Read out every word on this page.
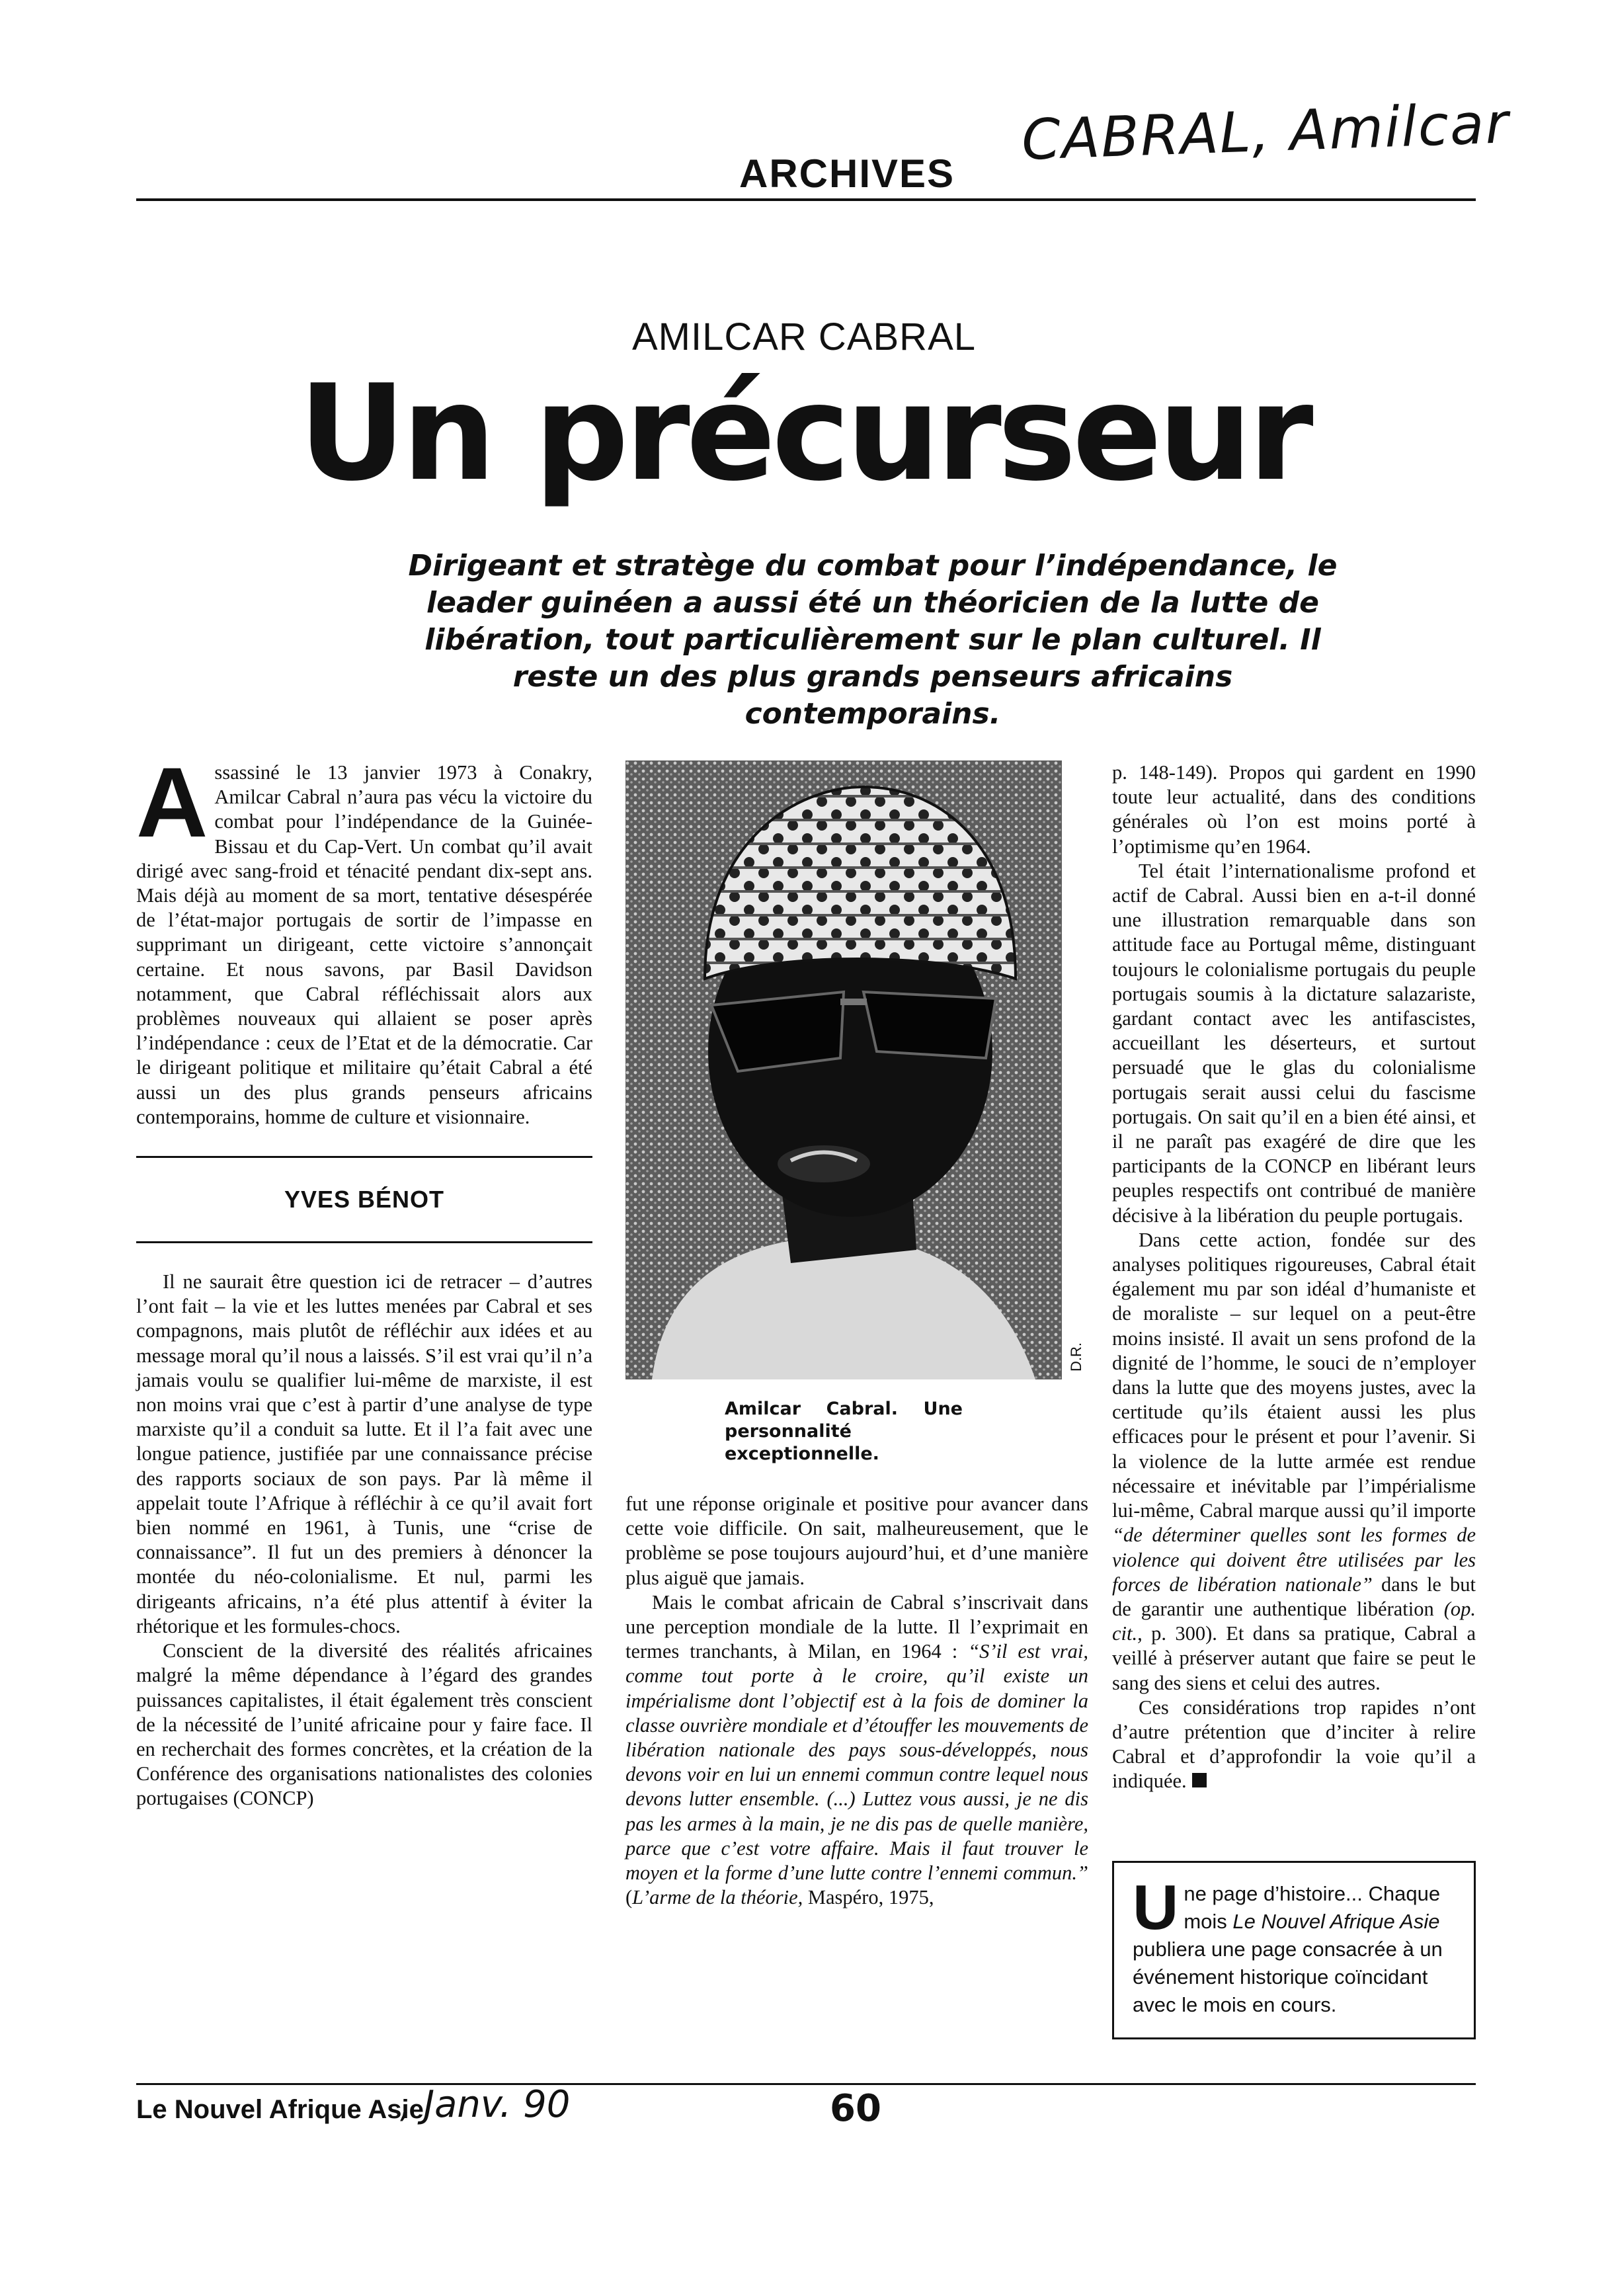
CABRAL, Amilcar
ARCHIVES
AMILCAR CABRAL
Un précurseur
Dirigeant et stratège du combat pour l’indépendance, le leader guinéen a aussi été un théoricien de la lutte de libération, tout particulièrement sur le plan culturel. Il reste un des plus grands penseurs africains contemporains.

Assassiné le 13 janvier 1973 à Conakry, Amilcar Cabral n’aura pas vécu la victoire du combat pour l’indépendance de la Guinée-Bissau et du Cap-Vert. Un combat qu’il avait dirigé avec sang-froid et ténacité pendant dix-sept ans. Mais déjà au moment de sa mort, tentative désespérée de l’état-major portugais de sortir de l’impasse en supprimant un dirigeant, cette victoire s’annonçait certaine. Et nous savons, par Basil Davidson notamment, que Cabral réfléchissait alors aux problèmes nouveaux qui allaient se poser après l’indépendance : ceux de l’Etat et de la démocratie. Car le dirigeant politique et militaire qu’était Cabral a été aussi un des plus grands penseurs africains contemporains, homme de culture et visionnaire.

YVES BÉNOT

Il ne saurait être question ici de retracer – d’autres l’ont fait – la vie et les luttes menées par Cabral et ses compagnons, mais plutôt de réfléchir aux idées et au message moral qu’il nous a laissés. S’il est vrai qu’il n’a jamais voulu se qualifier lui-même de marxiste, il est non moins vrai que c’est à partir d’une analyse de type marxiste qu’il a conduit sa lutte. Et il l’a fait avec une longue patience, justifiée par une connaissance précise des rapports sociaux de son pays. Par là même il appelait toute l’Afrique à réfléchir à ce qu’il avait fort bien nommé en 1961, à Tunis, une “crise de connaissance”. Il fut un des premiers à dénoncer la montée du néo-colonialisme. Et nul, parmi les dirigeants africains, n’a été plus attentif à éviter la rhétorique et les formules-chocs.

Conscient de la diversité des réalités africaines malgré la même dépendance à l’égard des grandes puissances capitalistes, il était également très conscient de la nécessité de l’unité africaine pour y faire face. Il en recherchait des formes concrètes, et la création de la Conférence des organisations nationalistes des colonies portugaises (CONCP)

D.R.
Amilcar Cabral. Une personnalité exceptionnelle.

fut une réponse originale et positive pour avancer dans cette voie difficile. On sait, malheureusement, que le problème se pose toujours aujourd’hui, et d’une manière plus aiguë que jamais.

Mais le combat africain de Cabral s’inscrivait dans une perception mondiale de la lutte. Il l’exprimait en termes tranchants, à Milan, en 1964 : “S’il est vrai, comme tout porte à le croire, qu’il existe un impérialisme dont l’objectif est à la fois de dominer la classe ouvrière mondiale et d’étouffer les mouvements de libération nationale des pays sous-développés, nous devons voir en lui un ennemi commun contre lequel nous devons lutter ensemble. (...) Luttez vous aussi, je ne dis pas les armes à la main, je ne dis pas de quelle manière, parce que c’est votre affaire. Mais il faut trouver le moyen et la forme d’une lutte contre l’ennemi commun.” (L’arme de la théorie, Maspéro, 1975,

p. 148-149). Propos qui gardent en 1990 toute leur actualité, dans des conditions générales où l’on est moins porté à l’optimisme qu’en 1964.

Tel était l’internationalisme profond et actif de Cabral. Aussi bien en a-t-il donné une illustration remarquable dans son attitude face au Portugal même, distinguant toujours le colonialisme portugais du peuple portugais soumis à la dictature salazariste, gardant contact avec les antifascistes, accueillant les déserteurs, et surtout persuadé que le glas du colonialisme portugais serait aussi celui du fascisme portugais. On sait qu’il en a bien été ainsi, et il ne paraît pas exagéré de dire que les participants de la CONCP en libérant leurs peuples respectifs ont contribué de manière décisive à la libération du peuple portugais.

Dans cette action, fondée sur des analyses politiques rigoureuses, Cabral était également mu par son idéal d’humaniste et de moraliste – sur lequel on a peut-être moins insisté. Il avait un sens profond de la dignité de l’homme, le souci de n’employer dans la lutte que des moyens justes, avec la certitude qu’ils étaient aussi les plus efficaces pour le présent et pour l’avenir. Si la violence de la lutte armée est rendue nécessaire et inévitable par l’impérialisme lui-même, Cabral marque aussi qu’il importe “de déterminer quelles sont les formes de violence qui doivent être utilisées par les forces de libération nationale” dans le but de garantir une authentique libération (op. cit., p. 300). Et dans sa pratique, Cabral a veillé à préserver autant que faire se peut le sang des siens et celui des autres.

Ces considérations trop rapides n’ont d’autre prétention que d’inciter à relire Cabral et d’approfondir la voie qu’il a indiquée.

Une page d’histoire... Chaque mois Le Nouvel Afrique Asie publiera une page consacrée à un événement historique coïncidant avec le mois en cours.
Le Nouvel Afrique Asie
, Janv. 90	60
